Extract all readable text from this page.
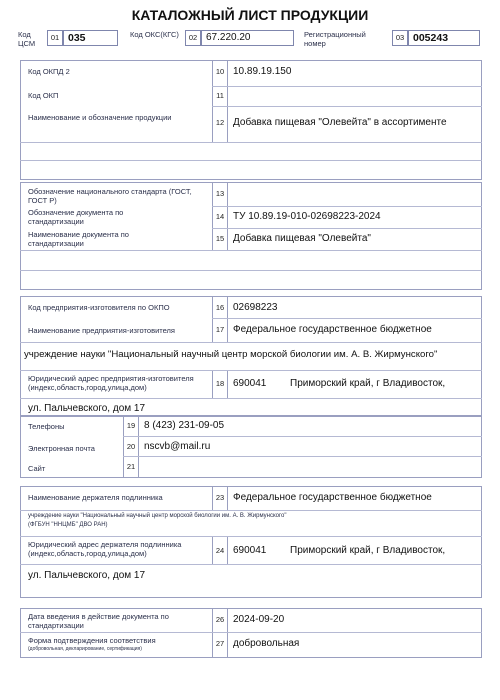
КАТАЛОЖНЫЙ ЛИСТ ПРОДУКЦИИ
Код ЦСМ
01 035	Код ОКС(КГС)	02 67.220.20	Регистрационный номер
03 005243
Код ОКПД 2	10 10.89.19.150
Код ОКП	11
Наименование и обозначение продукции
12 Добавка пищевая "Олевейта" в ассортименте
Обозначение национального стандарта (ГОСТ, ГОСТ Р)
13
Обозначение документа по стандартизации
14 ТУ 10.89.19-010-02698223-2024
Наименование документа по стандартизации
15 Добавка пищевая "Олевейта"
Код предприятия-изготовителя по ОКПО	16 02698223
Наименование предприятия-изготовителя	17 Федеральное государственное бюджетное
учреждение науки "Национальный научный центр морской биологии им. А. В. Жирмунского"
Юридический адрес предприятия-изготовителя (индекс,область,город,улица,дом)	18 690041 Приморский край, г Владивосток,
ул. Пальчевского, дом 17
Телефоны	19 8 (423) 231-09-05
Электронная почта	20 nscvb@mail.ru
Сайт	21
Наименование держателя подлинника	23 Федеральное государственное бюджетное
учреждение науки "Национальный научный центр морской биологии им. А. В. Жирмунского"
(ФГБУН "ННЦМБ" ДВО РАН)
Юридический адрес держателя подлинника (индекс,область,город,улица,дом)	24 690041 Приморский край, г Владивосток,
ул. Пальчевского, дом 17
Дата введения в действие документа по стандартизации
26 2024-09-20
Форма подтверждения соответствия
(добровольная, декларирование, сертификация)
27 добровольная
